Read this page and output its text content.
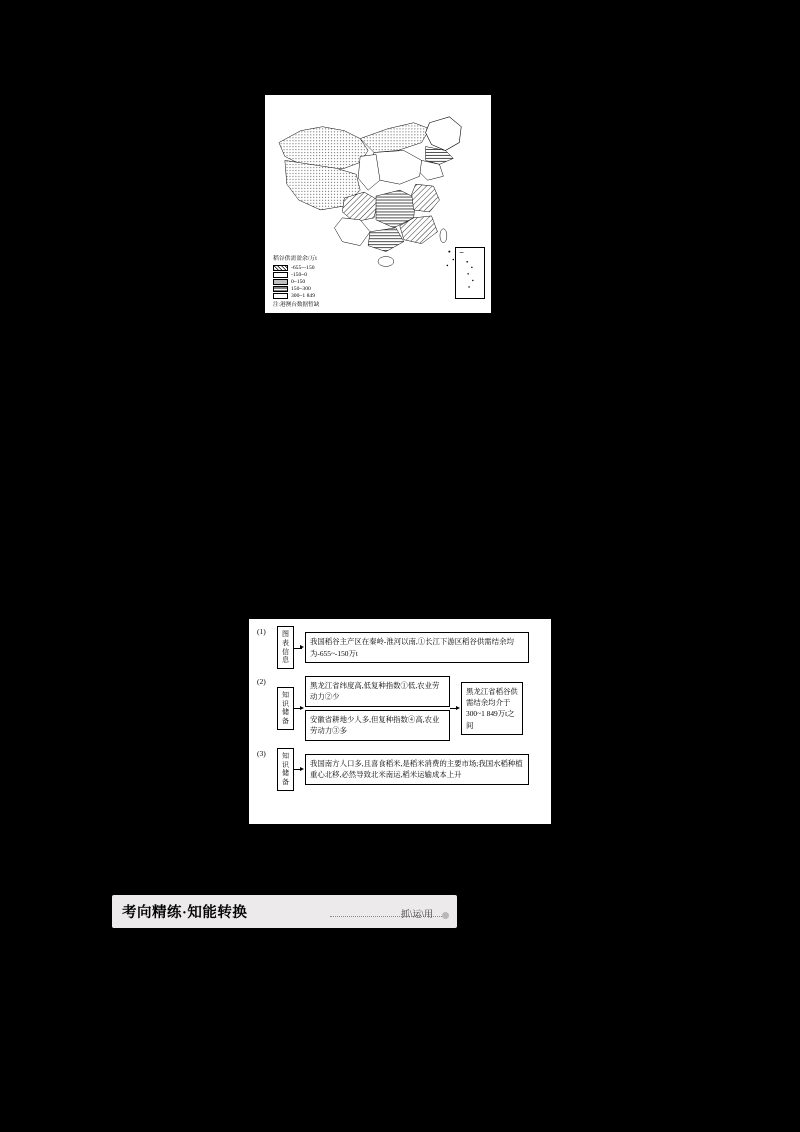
稻谷供需盈余/万t
-655~-150
-150~0
0~150
150~300
300~1 849
注:港澳台数据暂缺
(1)	图表
信息
我国稻谷主产区在秦岭-淮河以南,①长江下游区稻谷供需结余均为-655~-150万t
(2)
知识
储备
黑龙江省纬度高,低复种指数①低,农业劳动力②少
安徽省耕地少人多,但复种指数④高,农业劳动力③多
黑龙江省稻谷供需结余均介于300~1 849万t之间
(3)	知识
储备
我国南方人口多,且喜食稻米,是稻米消费的主要市场;我国水稻种植重心北移,必然导致北米南运,稻米运输成本上升
考向精练·知能转换	抓\运\用
